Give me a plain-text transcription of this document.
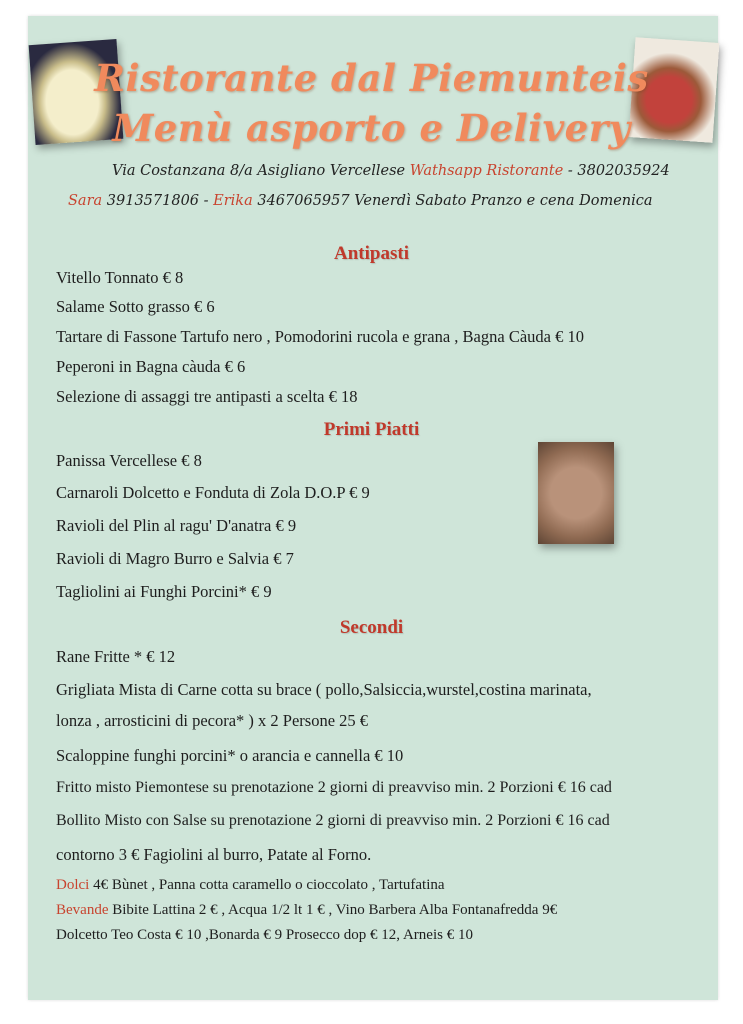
Ristorante dal Piemunteis
Menù asporto e Delivery
Via Costanzana 8/a Asigliano Vercellese Wathsapp Ristorante - 3802035924
Sara 3913571806 - Erika 3467065957 Venerdì Sabato Pranzo e cena Domenica
Antipasti
Vitello Tonnato € 8
Salame Sotto grasso € 6
Tartare di Fassone Tartufo nero , Pomodorini rucola e grana , Bagna Càuda € 10
Peperoni in Bagna càuda € 6
Selezione di assaggi tre antipasti a scelta € 18
Primi Piatti
Panissa Vercellese € 8
Carnaroli Dolcetto e Fonduta di Zola D.O.P € 9
Ravioli del Plin al ragu' D'anatra € 9
Ravioli di Magro Burro e Salvia € 7
Tagliolini ai Funghi Porcini* € 9
Secondi
Rane Fritte * € 12
Grigliata Mista di Carne cotta su brace ( pollo,Salsiccia,wurstel,costina marinata,
lonza , arrosticini di pecora* ) x 2 Persone 25 €
Scaloppine funghi porcini* o arancia e cannella € 10
Fritto misto Piemontese su prenotazione 2 giorni di preavviso min. 2 Porzioni € 16 cad
Bollito Misto con Salse su prenotazione 2 giorni di preavviso min. 2 Porzioni € 16 cad
contorno 3 € Fagiolini al burro, Patate al Forno.
Dolci 4€ Bùnet , Panna cotta caramello o cioccolato , Tartufatina
Bevande Bibite Lattina 2 € , Acqua 1/2 lt 1 € , Vino Barbera Alba Fontanafredda 9€
Dolcetto Teo Costa € 10 ,Bonarda € 9 Prosecco dop € 12, Arneis € 10
